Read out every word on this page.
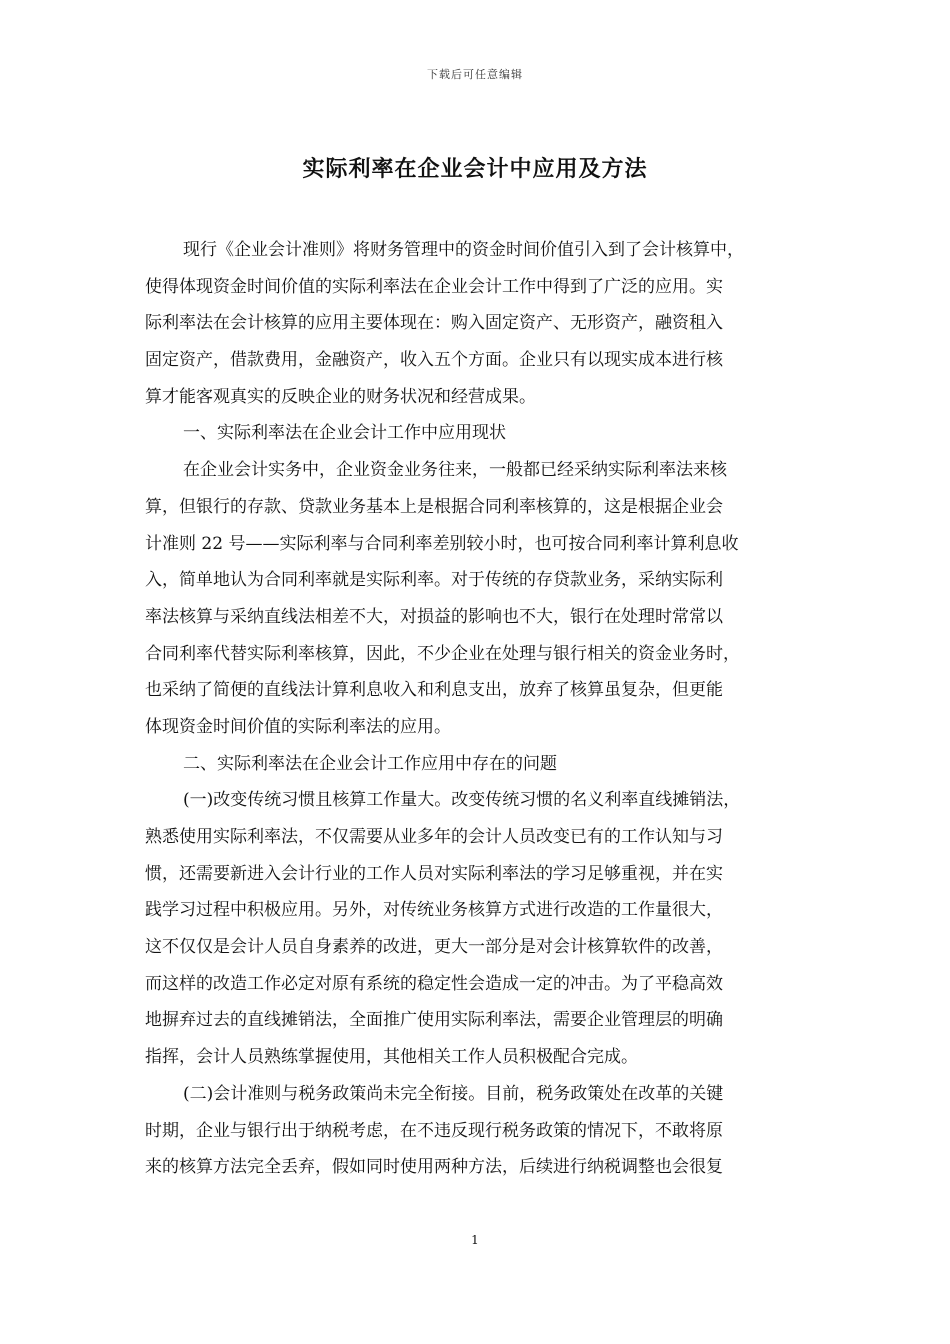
下载后可任意编辑
实际利率在企业会计中应用及方法
现行《企业会计准则》将财务管理中的资金时间价值引入到了会计核算中，
使得体现资金时间价值的实际利率法在企业会计工作中得到了广泛的应用。实
际利率法在会计核算的应用主要体现在：购入固定资产、无形资产，融资租入
固定资产，借款费用，金融资产，收入五个方面。企业只有以现实成本进行核
算才能客观真实的反映企业的财务状况和经营成果。
一、实际利率法在企业会计工作中应用现状
在企业会计实务中，企业资金业务往来，一般都已经采纳实际利率法来核
算，但银行的存款、贷款业务基本上是根据合同利率核算的，这是根据企业会
计准则 22 号——实际利率与合同利率差别较小时，也可按合同利率计算利息收
入，简单地认为合同利率就是实际利率。对于传统的存贷款业务，采纳实际利
率法核算与采纳直线法相差不大，对损益的影响也不大，银行在处理时常常以
合同利率代替实际利率核算，因此，不少企业在处理与银行相关的资金业务时，
也采纳了简便的直线法计算利息收入和利息支出，放弃了核算虽复杂，但更能
体现资金时间价值的实际利率法的应用。
二、实际利率法在企业会计工作应用中存在的问题
(一)改变传统习惯且核算工作量大。改变传统习惯的名义利率直线摊销法，
熟悉使用实际利率法，不仅需要从业多年的会计人员改变已有的工作认知与习
惯，还需要新进入会计行业的工作人员对实际利率法的学习足够重视，并在实
践学习过程中积极应用。另外，对传统业务核算方式进行改造的工作量很大，
这不仅仅是会计人员自身素养的改进，更大一部分是对会计核算软件的改善，
而这样的改造工作必定对原有系统的稳定性会造成一定的冲击。为了平稳高效
地摒弃过去的直线摊销法，全面推广使用实际利率法，需要企业管理层的明确
指挥，会计人员熟练掌握使用，其他相关工作人员积极配合完成。
(二)会计准则与税务政策尚未完全衔接。目前，税务政策处在改革的关键
时期，企业与银行出于纳税考虑，在不违反现行税务政策的情况下，不敢将原
来的核算方法完全丢弃，假如同时使用两种方法，后续进行纳税调整也会很复
1
